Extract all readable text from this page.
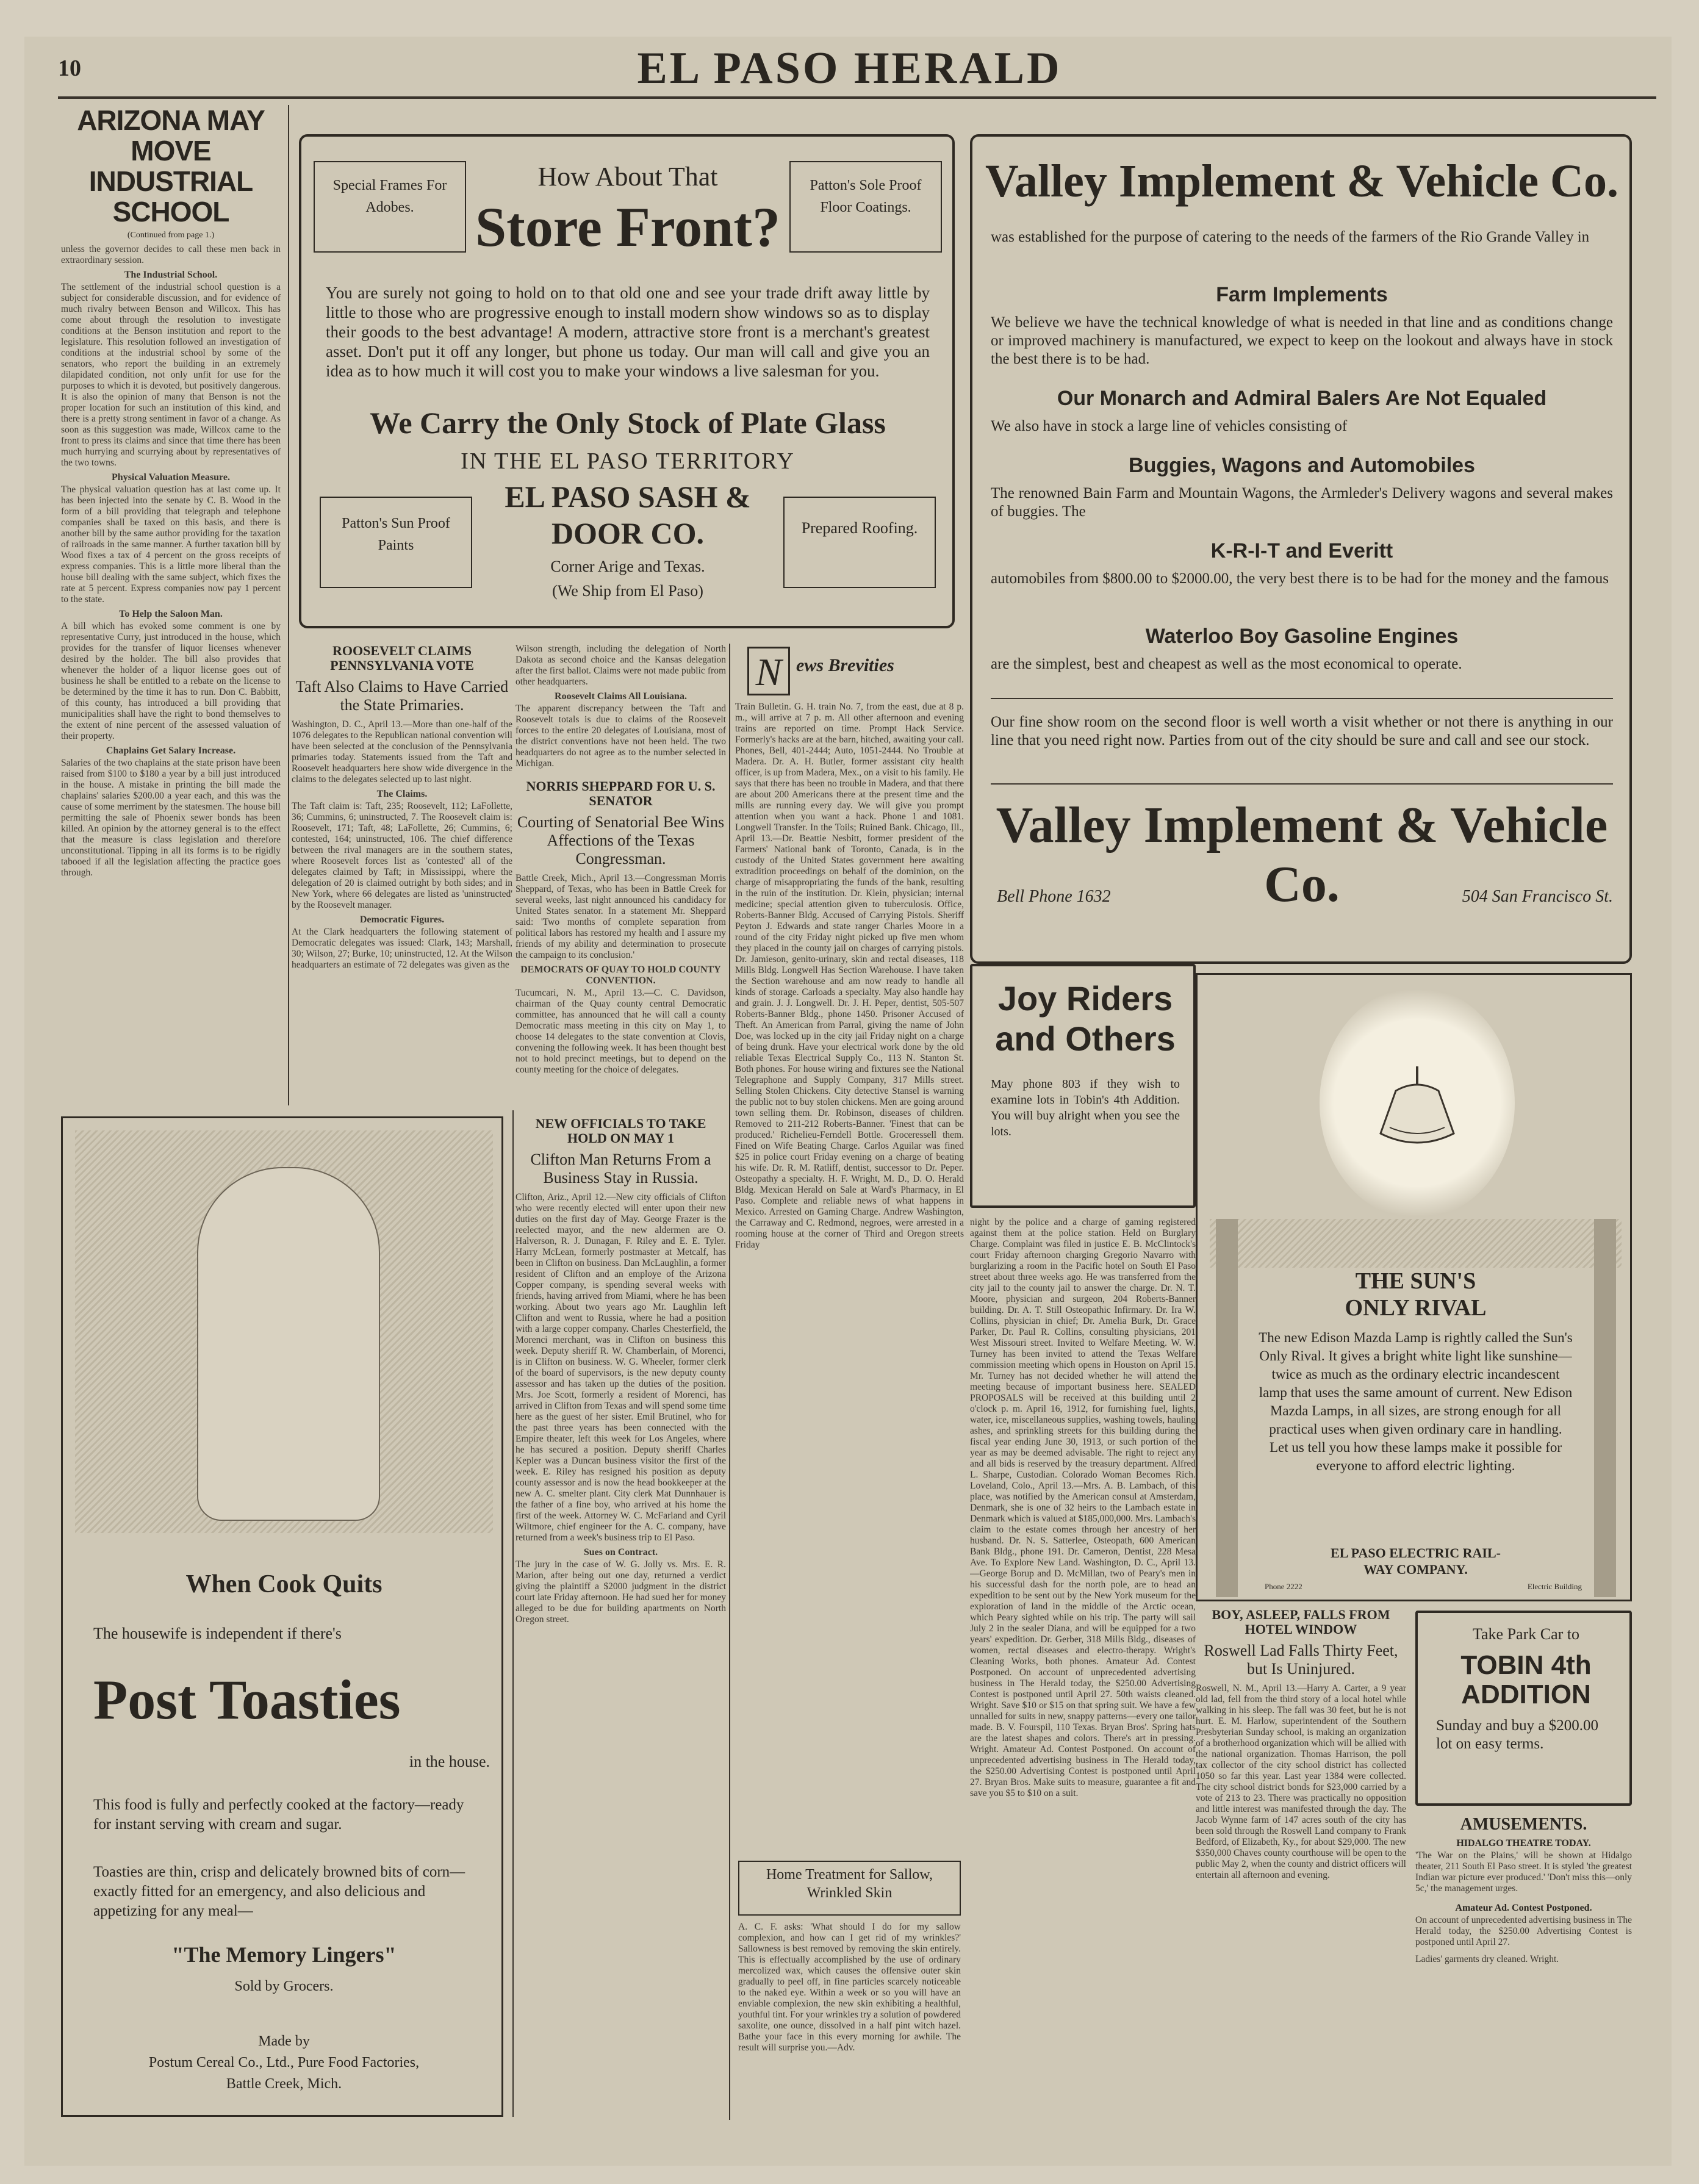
10	EL PASO HERALD
ARIZONA MAY MOVE INDUSTRIAL SCHOOL
(Continued from page 1.)

unless the governor decides to call these men back in extraordinary session.

The Industrial School.

The settlement of the industrial school question is a subject for considerable discussion, and for evidence of much rivalry between Benson and Willcox. This has come about through the resolution to investigate conditions at the Benson institution and report to the legislature. This resolution followed an investigation of conditions at the industrial school by some of the senators, who report the building in an extremely dilapidated condition, not only unfit for use for the purposes to which it is devoted, but positively dangerous. It is also the opinion of many that Benson is not the proper location for such an institution of this kind, and there is a pretty strong sentiment in favor of a change. As soon as this suggestion was made, Willcox came to the front to press its claims and since that time there has been much hurrying and scurrying about by representatives of the two towns.

Physical Valuation Measure.

The physical valuation question has at last come up. It has been injected into the senate by C. B. Wood in the form of a bill providing that telegraph and telephone companies shall be taxed on this basis, and there is another bill by the same author providing for the taxation of railroads in the same manner. A further taxation bill by Wood fixes a tax of 4 percent on the gross receipts of express companies. This is a little more liberal than the house bill dealing with the same subject, which fixes the rate at 5 percent. Express companies now pay 1 percent to the state.

To Help the Saloon Man.

A bill which has evoked some comment is one by representative Curry, just introduced in the house, which provides for the transfer of liquor licenses whenever desired by the holder. The bill also provides that whenever the holder of a liquor license goes out of business he shall be entitled to a rebate on the license to be determined by the time it has to run. Don C. Babbitt, of this county, has introduced a bill providing that municipalities shall have the right to bond themselves to the extent of nine percent of the assessed valuation of their property.

Chaplains Get Salary Increase.

Salaries of the two chaplains at the state prison have been raised from $100 to $180 a year by a bill just introduced in the house. A mistake in printing the bill made the chaplains' salaries $200.00 a year each, and this was the cause of some merriment by the statesmen. The house bill permitting the sale of Phoenix sewer bonds has been killed. An opinion by the attorney general is to the effect that the measure is class legislation and therefore unconstitutional. Tipping in all its forms is to be rigidly tabooed if all the legislation affecting the practice goes through.

Special Frames For Adobes.
How About That
Store Front?
Patton's Sole Proof Floor Coatings.
You are surely not going to hold on to that old one and see your trade drift away little by little to those who are progressive enough to install modern show windows so as to display their goods to the best advantage! A modern, attractive store front is a merchant's greatest asset. Don't put it off any longer, but phone us today. Our man will call and give you an idea as to how much it will cost you to make your windows a live salesman for you.
We Carry the Only Stock of Plate Glass
IN THE EL PASO TERRITORY
Patton's Sun Proof Paints
EL PASO SASH & DOOR CO.
Corner Arige and Texas.
(We Ship from El Paso)
Prepared Roofing.
Valley Implement & Vehicle Co.
was established for the purpose of catering to the needs of the farmers of the Rio Grande Valley in
Farm Implements
We believe we have the technical knowledge of what is needed in that line and as conditions change or improved machinery is manufactured, we expect to keep on the lookout and always have in stock the best there is to be had.
Our Monarch and Admiral Balers Are Not Equaled
We also have in stock a large line of vehicles consisting of
Buggies, Wagons and Automobiles
The renowned Bain Farm and Mountain Wagons, the Armleder's Delivery wagons and several makes of buggies. The
K-R-I-T and Everitt
automobiles from $800.00 to $2000.00, the very best there is to be had for the money and the famous
Waterloo Boy Gasoline Engines
are the simplest, best and cheapest as well as the most economical to operate.
Our fine show room on the second floor is well worth a visit whether or not there is anything in our line that you need right now. Parties from out of the city should be sure and call and see our stock.
Valley Implement & Vehicle Co.
Bell Phone 1632	504 San Francisco St.
ROOSEVELT CLAIMS PENNSYLVANIA VOTE
Taft Also Claims to Have Carried the State Primaries.

Washington, D. C., April 13.—More than one-half of the 1076 delegates to the Republican national convention will have been selected at the conclusion of the Pennsylvania primaries today. Statements issued from the Taft and Roosevelt headquarters here show wide divergence in the claims to the delegates selected up to last night.

The Claims.

The Taft claim is: Taft, 235; Roosevelt, 112; LaFollette, 36; Cummins, 6; uninstructed, 7. The Roosevelt claim is: Roosevelt, 171; Taft, 48; LaFollette, 26; Cummins, 6; contested, 164; uninstructed, 106. The chief difference between the rival managers are in the southern states, where Roosevelt forces list as 'contested' all of the delegates claimed by Taft; in Mississippi, where the delegation of 20 is claimed outright by both sides; and in New York, where 66 delegates are listed as 'uninstructed' by the Roosevelt manager.

Democratic Figures.

At the Clark headquarters the following statement of Democratic delegates was issued: Clark, 143; Marshall, 30; Wilson, 27; Burke, 10; uninstructed, 12. At the Wilson headquarters an estimate of 72 delegates was given as the

Wilson strength, including the delegation of North Dakota as second choice and the Kansas delegation after the first ballot. Claims were not made public from other headquarters.

Roosevelt Claims All Louisiana.

The apparent discrepancy between the Taft and Roosevelt totals is due to claims of the Roosevelt forces to the entire 20 delegates of Louisiana, most of the district conventions have not been held. The two headquarters do not agree as to the number selected in Michigan.

NORRIS SHEPPARD FOR U. S. SENATOR
Courting of Senatorial Bee Wins Affections of the Texas Congressman.

Battle Creek, Mich., April 13.—Congressman Morris Sheppard, of Texas, who has been in Battle Creek for several weeks, last night announced his candidacy for United States senator. In a statement Mr. Sheppard said: 'Two months of complete separation from political labors has restored my health and I assure my friends of my ability and determination to prosecute the campaign to its conclusion.'

DEMOCRATS OF QUAY TO HOLD COUNTY CONVENTION.

Tucumcari, N. M., April 13.—C. C. Davidson, chairman of the Quay county central Democratic committee, has announced that he will call a county Democratic mass meeting in this city on May 1, to choose 14 delegates to the state convention at Clovis, convening the following week. It has been thought best not to hold precinct meetings, but to depend on the county meeting for the choice of delegates.

NEW OFFICIALS TO TAKE HOLD ON MAY 1
Clifton Man Returns From a Business Stay in Russia.

Clifton, Ariz., April 12.—New city officials of Clifton who were recently elected will enter upon their new duties on the first day of May. George Frazer is the reelected mayor, and the new aldermen are O. Halverson, R. J. Dunagan, F. Riley and E. E. Tyler. Harry McLean, formerly postmaster at Metcalf, has been in Clifton on business. Dan McLaughlin, a former resident of Clifton and an employe of the Arizona Copper company, is spending several weeks with friends, having arrived from Miami, where he has been working. About two years ago Mr. Laughlin left Clifton and went to Russia, where he had a position with a large copper company. Charles Chesterfield, the Morenci merchant, was in Clifton on business this week. Deputy sheriff R. W. Chamberlain, of Morenci, is in Clifton on business. W. G. Wheeler, former clerk of the board of supervisors, is the new deputy county assessor and has taken up the duties of the position. Mrs. Joe Scott, formerly a resident of Morenci, has arrived in Clifton from Texas and will spend some time here as the guest of her sister. Emil Brutinel, who for the past three years has been connected with the Empire theater, left this week for Los Angeles, where he has secured a position. Deputy sheriff Charles Kepler was a Duncan business visitor the first of the week. E. Riley has resigned his position as deputy county assessor and is now the head bookkeeper at the new A. C. smelter plant. City clerk Mat Dunnhauer is the father of a fine boy, who arrived at his home the first of the week. Attorney W. C. McFarland and Cyril Wiltmore, chief engineer for the A. C. company, have returned from a week's business trip to El Paso.

Sues on Contract.

The jury in the case of W. G. Jolly vs. Mrs. E. R. Marion, after being out one day, returned a verdict giving the plaintiff a $2000 judgment in the district court late Friday afternoon. He had sued her for money alleged to be due for building apartments on North Oregon street.

N ews Brevities
Train Bulletin. G. H. train No. 7, from the east, due at 8 p. m., will arrive at 7 p. m. All other afternoon and evening trains are reported on time. Prompt Hack Service. Formerly's hacks are at the barn, hitched, awaiting your call. Phones, Bell, 401-2444; Auto, 1051-2444. No Trouble at Madera. Dr. A. H. Butler, former assistant city health officer, is up from Madera, Mex., on a visit to his family. He says that there has been no trouble in Madera, and that there are about 200 Americans there at the present time and the mills are running every day. We will give you prompt attention when you want a hack. Phone 1 and 1081. Longwell Transfer. In the Toils; Ruined Bank. Chicago, Ill., April 13.—Dr. Beattie Nesbitt, former president of the Farmers' National bank of Toronto, Canada, is in the custody of the United States government here awaiting extradition proceedings on behalf of the dominion, on the charge of misappropriating the funds of the bank, resulting in the ruin of the institution. Dr. Klein, physician; internal medicine; special attention given to tuberculosis. Office, Roberts-Banner Bldg. Accused of Carrying Pistols. Sheriff Peyton J. Edwards and state ranger Charles Moore in a round of the city Friday night picked up five men whom they placed in the county jail on charges of carrying pistols. Dr. Jamieson, genito-urinary, skin and rectal diseases, 118 Mills Bldg. Longwell Has Section Warehouse. I have taken the Section warehouse and am now ready to handle all kinds of storage. Carloads a specialty. May also handle hay and grain. J. J. Longwell. Dr. J. H. Peper, dentist, 505-507 Roberts-Banner Bldg., phone 1450. Prisoner Accused of Theft. An American from Parral, giving the name of John Doe, was locked up in the city jail Friday night on a charge of being drunk. Have your electrical work done by the old reliable Texas Electrical Supply Co., 113 N. Stanton St. Both phones. For house wiring and fixtures see the National Telegraphone and Supply Company, 317 Mills street. Selling Stolen Chickens. City detective Stansel is warning the public not to buy stolen chickens. Men are going around town selling them. Dr. Robinson, diseases of children. Removed to 211-212 Roberts-Banner. 'Finest that can be produced.' Richelieu-Ferndell Bottle. Groceressell them. Fined on Wife Beating Charge. Carlos Aguilar was fined $25 in police court Friday evening on a charge of beating his wife. Dr. R. M. Ratliff, dentist, successor to Dr. Peper. Osteopathy a specialty. H. F. Wright, M. D., D. O. Herald Bldg. Mexican Herald on Sale at Ward's Pharmacy, in El Paso. Complete and reliable news of what happens in Mexico. Arrested on Gaming Charge. Andrew Washington, the Carraway and C. Redmond, negroes, were arrested in a rooming house at the corner of Third and Oregon streets Friday
Home Treatment for Sallow, Wrinkled Skin
A. C. F. asks: 'What should I do for my sallow complexion, and how can I get rid of my wrinkles?' Sallowness is best removed by removing the skin entirely. This is effectually accomplished by the use of ordinary mercolized wax, which causes the offensive outer skin gradually to peel off, in fine particles scarcely noticeable to the naked eye. Within a week or so you will have an enviable complexion, the new skin exhibiting a healthful, youthful tint. For your wrinkles try a solution of powdered saxolite, one ounce, dissolved in a half pint witch hazel. Bathe your face in this every morning for awhile. The result will surprise you.—Adv.
Joy Riders
and Others
May phone 803 if they wish to examine lots in Tobin's 4th Addition. You will buy alright when you see the lots.
night by the police and a charge of gaming registered against them at the police station. Held on Burglary Charge. Complaint was filed in justice E. B. McClintock's court Friday afternoon charging Gregorio Navarro with burglarizing a room in the Pacific hotel on South El Paso street about three weeks ago. He was transferred from the city jail to the county jail to answer the charge. Dr. N. T. Moore, physician and surgeon, 204 Roberts-Banner building. Dr. A. T. Still Osteopathic Infirmary. Dr. Ira W. Collins, physician in chief; Dr. Amelia Burk, Dr. Grace Parker, Dr. Paul R. Collins, consulting physicians, 201 West Missouri street. Invited to Welfare Meeting. W. W. Turney has been invited to attend the Texas Welfare commission meeting which opens in Houston on April 15. Mr. Turney has not decided whether he will attend the meeting because of important business here. SEALED PROPOSALS will be received at this building until 2 o'clock p. m. April 16, 1912, for furnishing fuel, lights, water, ice, miscellaneous supplies, washing towels, hauling ashes, and sprinkling streets for this building during the fiscal year ending June 30, 1913, or such portion of the year as may be deemed advisable. The right to reject any and all bids is reserved by the treasury department. Alfred L. Sharpe, Custodian. Colorado Woman Becomes Rich. Loveland, Colo., April 13.—Mrs. A. B. Lambach, of this place, was notified by the American consul at Amsterdam, Denmark, she is one of 32 heirs to the Lambach estate in Denmark which is valued at $185,000,000. Mrs. Lambach's claim to the estate comes through her ancestry of her husband. Dr. N. S. Satterlee, Osteopath, 600 American Bank Bldg., phone 191. Dr. Cameron, Dentist, 228 Mesa Ave. To Explore New Land. Washington, D. C., April 13.—George Borup and D. McMillan, two of Peary's men in his successful dash for the north pole, are to head an expedition to be sent out by the New York museum for the exploration of land in the middle of the Arctic ocean, which Peary sighted while on his trip. The party will sail July 2 in the sealer Diana, and will be equipped for a two years' expedition. Dr. Gerber, 318 Mills Bldg., diseases of women, rectal diseases and electro-therapy. Wright's Cleaning Works, both phones. Amateur Ad. Contest Postponed. On account of unprecedented advertising business in The Herald today, the $250.00 Advertising Contest is postponed until April 27. 50th waists cleaned. Wright. Save $10 or $15 on that spring suit. We have a few unnalled for suits in new, snappy patterns—every one tailor made. B. V. Fourspil, 110 Texas. Bryan Bros'. Spring hats are the latest shapes and colors. There's art in pressing. Wright. Amateur Ad. Contest Postponed. On account of unprecedented advertising business in The Herald today, the $250.00 Advertising Contest is postponed until April 27. Bryan Bros. Make suits to measure, guarantee a fit and save you $5 to $10 on a suit.
THE SUN'S
ONLY RIVAL
The new Edison Mazda Lamp is rightly called the Sun's Only Rival. It gives a bright white light like sunshine—twice as much as the ordinary electric incandescent lamp that uses the same amount of current. New Edison Mazda Lamps, in all sizes, are strong enough for all practical uses when given ordinary care in handling. Let us tell you how these lamps make it possible for everyone to afford electric lighting.
EL PASO ELECTRIC RAIL-
WAY COMPANY.
Phone 2222	Electric Building
BOY, ASLEEP, FALLS FROM HOTEL WINDOW
Roswell Lad Falls Thirty Feet, but Is Uninjured.
Roswell, N. M., April 13.—Harry A. Carter, a 9 year old lad, fell from the third story of a local hotel while walking in his sleep. The fall was 30 feet, but he is not hurt. E. M. Harlow, superintendent of the Southern Presbyterian Sunday school, is making an organization of a brotherhood organization which will be allied with the national organization. Thomas Harrison, the poll tax collector of the city school district has collected 1050 so far this year. Last year 1384 were collected. The city school district bonds for $23,000 carried by a vote of 213 to 23. There was practically no opposition and little interest was manifested through the day. The Jacob Wynne farm of 147 acres south of the city has been sold through the Roswell Land company to Frank Bedford, of Elizabeth, Ky., for about $29,000. The new $350,000 Chaves county courthouse will be open to the public May 2, when the county and district officers will entertain all afternoon and evening.
Take Park Car to
TOBIN 4th ADDITION
Sunday and buy a $200.00 lot on easy terms.
AMUSEMENTS.
HIDALGO THEATRE TODAY.
'The War on the Plains,' will be shown at Hidalgo theater, 211 South El Paso street. It is styled 'the greatest Indian war picture ever produced.' 'Don't miss this—only 5c,' the management urges.
Amateur Ad. Contest Postponed.
On account of unprecedented advertising business in The Herald today, the $250.00 Advertising Contest is postponed until April 27.
Ladies' garments dry cleaned. Wright.
When Cook Quits
The housewife is independent if there's
Post Toasties
in the house.
This food is fully and perfectly cooked at the factory—ready for instant serving with cream and sugar.
Toasties are thin, crisp and delicately browned bits of corn—exactly fitted for an emergency, and also delicious and appetizing for any meal—
"The Memory Lingers"
Sold by Grocers.
Made by
Postum Cereal Co., Ltd., Pure Food Factories,
Battle Creek, Mich.
